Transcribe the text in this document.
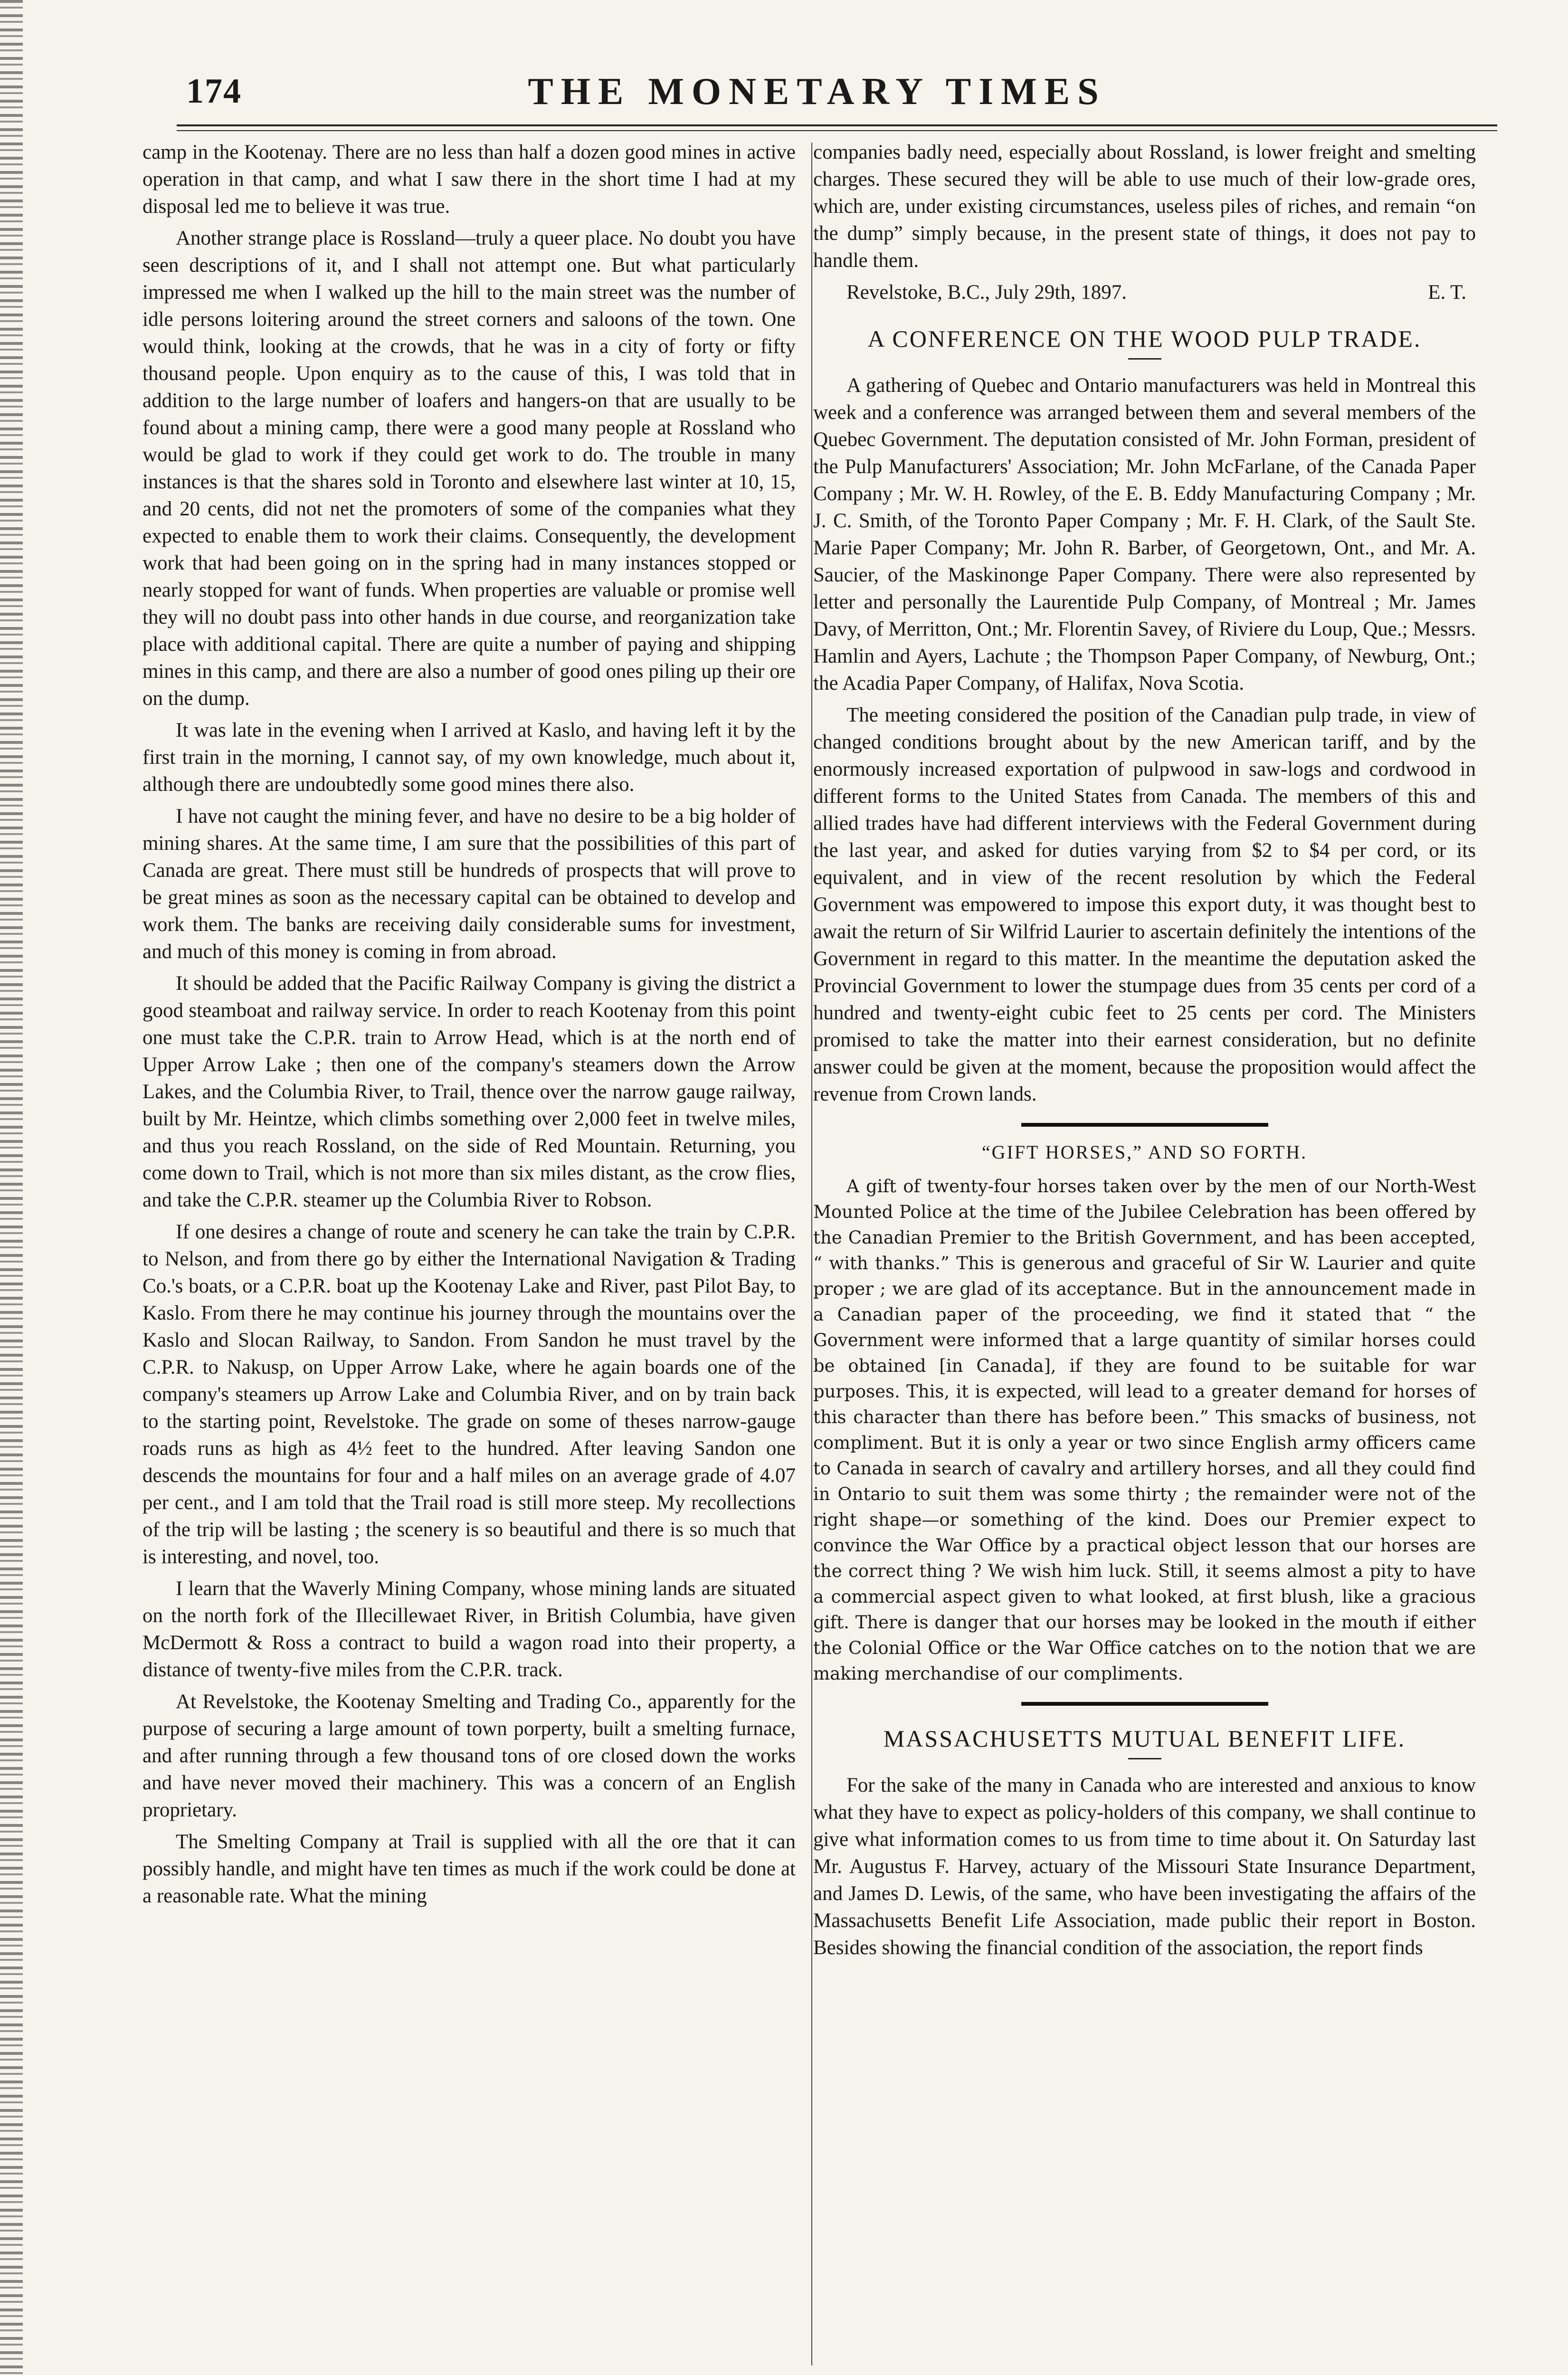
174	THE MONETARY TIMES

camp in the Kootenay. There are no less than half a dozen good mines in active operation in that camp, and what I saw there in the short time I had at my disposal led me to believe it was true.

Another strange place is Rossland—truly a queer place. No doubt you have seen descriptions of it, and I shall not attempt one. But what particularly impressed me when I walked up the hill to the main street was the number of idle persons loitering around the street corners and saloons of the town. One would think, looking at the crowds, that he was in a city of forty or fifty thousand people. Upon enquiry as to the cause of this, I was told that in addition to the large number of loafers and hangers-on that are usually to be found about a mining camp, there were a good many people at Rossland who would be glad to work if they could get work to do. The trouble in many instances is that the shares sold in Toronto and elsewhere last winter at 10, 15, and 20 cents, did not net the promoters of some of the companies what they expected to enable them to work their claims. Consequently, the development work that had been going on in the spring had in many instances stopped or nearly stopped for want of funds. When properties are valuable or promise well they will no doubt pass into other hands in due course, and reorganization take place with additional capital. There are quite a number of paying and shipping mines in this camp, and there are also a number of good ones piling up their ore on the dump.

It was late in the evening when I arrived at Kaslo, and having left it by the first train in the morning, I cannot say, of my own knowledge, much about it, although there are undoubtedly some good mines there also.

I have not caught the mining fever, and have no desire to be a big holder of mining shares. At the same time, I am sure that the possibilities of this part of Canada are great. There must still be hundreds of prospects that will prove to be great mines as soon as the necessary capital can be obtained to develop and work them. The banks are receiving daily considerable sums for investment, and much of this money is coming in from abroad.

It should be added that the Pacific Railway Company is giving the district a good steamboat and railway service. In order to reach Kootenay from this point one must take the C.P.R. train to Arrow Head, which is at the north end of Upper Arrow Lake ; then one of the company's steamers down the Arrow Lakes, and the Columbia River, to Trail, thence over the narrow gauge railway, built by Mr. Heintze, which climbs something over 2,000 feet in twelve miles, and thus you reach Rossland, on the side of Red Mountain. Returning, you come down to Trail, which is not more than six miles distant, as the crow flies, and take the C.P.R. steamer up the Columbia River to Robson.

If one desires a change of route and scenery he can take the train by C.P.R. to Nelson, and from there go by either the International Navigation & Trading Co.'s boats, or a C.P.R. boat up the Kootenay Lake and River, past Pilot Bay, to Kaslo. From there he may continue his journey through the mountains over the Kaslo and Slocan Railway, to Sandon. From Sandon he must travel by the C.P.R. to Nakusp, on Upper Arrow Lake, where he again boards one of the company's steamers up Arrow Lake and Columbia River, and on by train back to the starting point, Revelstoke. The grade on some of theses narrow-gauge roads runs as high as 4½ feet to the hundred. After leaving Sandon one descends the mountains for four and a half miles on an average grade of 4.07 per cent., and I am told that the Trail road is still more steep. My recollections of the trip will be lasting ; the scenery is so beautiful and there is so much that is interesting, and novel, too.

I learn that the Waverly Mining Company, whose mining lands are situated on the north fork of the Illecillewaet River, in British Columbia, have given McDermott & Ross a contract to build a wagon road into their property, a distance of twenty-five miles from the C.P.R. track.

At Revelstoke, the Kootenay Smelting and Trading Co., apparently for the purpose of securing a large amount of town porperty, built a smelting furnace, and after running through a few thousand tons of ore closed down the works and have never moved their machinery. This was a concern of an English proprietary.

The Smelting Company at Trail is supplied with all the ore that it can possibly handle, and might have ten times as much if the work could be done at a reasonable rate. What the mining

companies badly need, especially about Rossland, is lower freight and smelting charges. These secured they will be able to use much of their low-grade ores, which are, under existing circumstances, useless piles of riches, and remain “on the dump” simply because, in the present state of things, it does not pay to handle them.

Revelstoke, B.C., July 29th, 1897.	E. T.
A CONFERENCE ON THE WOOD PULP TRADE.

A gathering of Quebec and Ontario manufacturers was held in Montreal this week and a conference was arranged between them and several members of the Quebec Government. The deputation consisted of Mr. John Forman, president of the Pulp Manufacturers' Association; Mr. John McFarlane, of the Canada Paper Company ; Mr. W. H. Rowley, of the E. B. Eddy Manufacturing Company ; Mr. J. C. Smith, of the Toronto Paper Company ; Mr. F. H. Clark, of the Sault Ste. Marie Paper Company; Mr. John R. Barber, of Georgetown, Ont., and Mr. A. Saucier, of the Maskinonge Paper Company. There were also represented by letter and personally the Laurentide Pulp Company, of Montreal ; Mr. James Davy, of Merritton, Ont.; Mr. Florentin Savey, of Riviere du Loup, Que.; Messrs. Hamlin and Ayers, Lachute ; the Thompson Paper Company, of Newburg, Ont.; the Acadia Paper Company, of Halifax, Nova Scotia.

The meeting considered the position of the Canadian pulp trade, in view of changed conditions brought about by the new American tariff, and by the enormously increased exportation of pulpwood in saw-logs and cordwood in different forms to the United States from Canada. The members of this and allied trades have had different interviews with the Federal Government during the last year, and asked for duties varying from $2 to $4 per cord, or its equivalent, and in view of the recent resolution by which the Federal Government was empowered to impose this export duty, it was thought best to await the return of Sir Wilfrid Laurier to ascertain definitely the intentions of the Government in regard to this matter. In the meantime the deputation asked the Provincial Government to lower the stumpage dues from 35 cents per cord of a hundred and twenty-eight cubic feet to 25 cents per cord. The Ministers promised to take the matter into their earnest consideration, but no definite answer could be given at the moment, because the proposition would affect the revenue from Crown lands.

“GIFT HORSES,” AND SO FORTH.

A gift of twenty-four horses taken over by the men of our North-West Mounted Police at the time of the Jubilee Celebration has been offered by the Canadian Premier to the British Government, and has been accepted, “ with thanks.” This is generous and graceful of Sir W. Laurier and quite proper ; we are glad of its acceptance. But in the announcement made in a Canadian paper of the proceeding, we find it stated that “ the Government were informed that a large quantity of similar horses could be obtained [in Canada], if they are found to be suitable for war purposes. This, it is expected, will lead to a greater demand for horses of this character than there has before been.” This smacks of business, not compliment. But it is only a year or two since English army officers came to Canada in search of cavalry and artillery horses, and all they could find in Ontario to suit them was some thirty ; the remainder were not of the right shape—or something of the kind. Does our Premier expect to convince the War Office by a practical object lesson that our horses are the correct thing ? We wish him luck. Still, it seems almost a pity to have a commercial aspect given to what looked, at first blush, like a gracious gift. There is danger that our horses may be looked in the mouth if either the Colonial Office or the War Office catches on to the notion that we are making merchandise of our compliments.

MASSACHUSETTS MUTUAL BENEFIT LIFE.

For the sake of the many in Canada who are interested and anxious to know what they have to expect as policy-holders of this company, we shall continue to give what information comes to us from time to time about it. On Saturday last Mr. Augustus F. Harvey, actuary of the Missouri State Insurance Department, and James D. Lewis, of the same, who have been investigating the affairs of the Massachusetts Benefit Life Association, made public their report in Boston. Besides showing the financial condition of the association, the report finds
